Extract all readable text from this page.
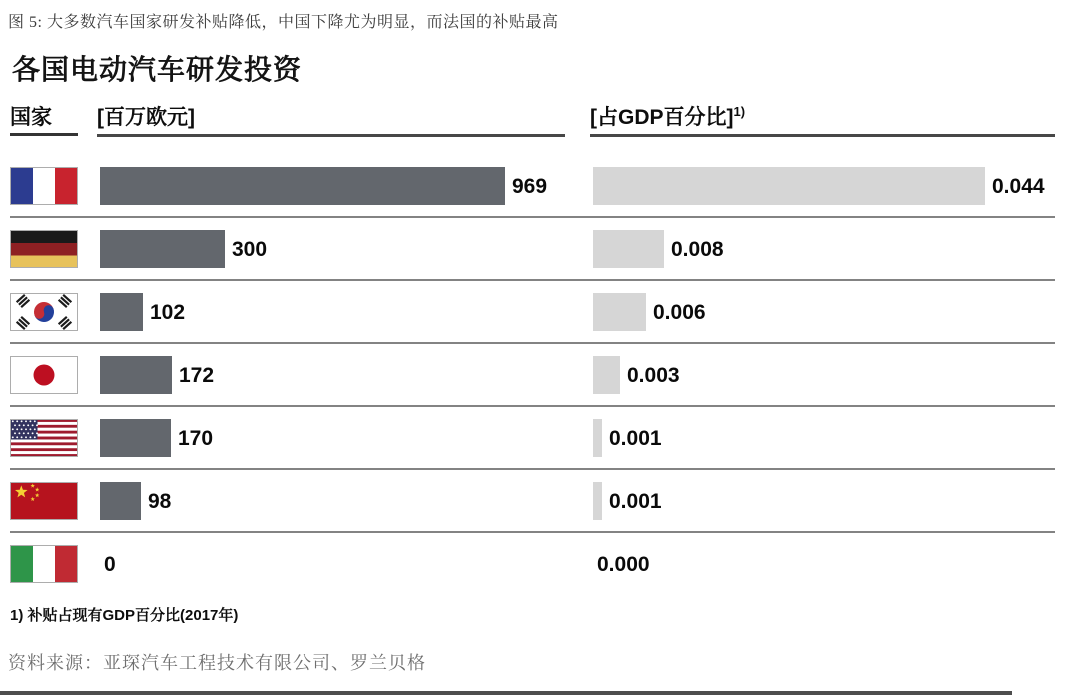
图 5: 大多数汽车国家研发补贴降低，中国下降尤为明显，而法国的补贴最高
各国电动汽车研发投资
国家 [百万欧元]	[占GDP百分比]$^{1)}$
969	0.044
300	0.008
102	0.006
172	0.003
170	0.001
98	0.001
0	0.000
1) 补贴占现有GDP百分比(2017年)
资料来源：亚琛汽车工程技术有限公司、罗兰贝格
